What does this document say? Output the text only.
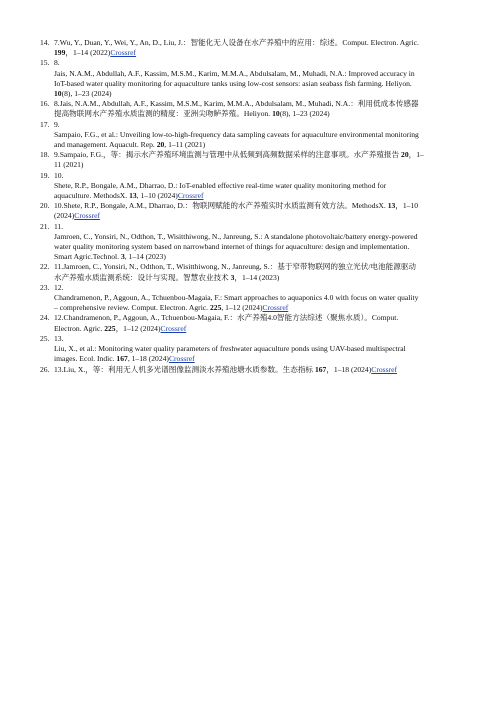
14. 7.Wu, Y., Duan, Y., Wei, Y., An, D., Liu, J.：智能化无人设备在水产养殖中的应用：综述。Comput. Electron. Agric.
199，1–14 (2022)Crossref
15. 8.
Jais, N.A.M., Abdullah, A.F., Kassim, M.S.M., Karim, M.M.A., Abdulsalam, M., Muhadi, N.A.: Improved accuracy in
IoT-based water quality monitoring for aquaculture tanks using low-cost sensors: asian seabass fish farming. Heliyon.
10(8), 1–23 (2024)
16. 8.Jais, N.A.M., Abdullah, A.F., Kassim, M.S.M., Karim, M.M.A., Abdulsalam, M., Muhadi, N.A.：利用低成本传感器
提高物联网水产养殖水质监测的精度：亚洲尖吻鲈养殖。Heliyon. 10(8), 1–23 (2024)
17. 9.
Sampaio, F.G., et al.: Unveiling low-to-high-frequency data sampling caveats for aquaculture environmental monitoring
and management. Aquacult. Rep. 20, 1–11 (2021)
18. 9.Sampaio, F.G.，等：揭示水产养殖环境监测与管理中从低频到高频数据采样的注意事项。水产养殖报告 20，1–
11 (2021)
19. 10.
Shete, R.P., Bongale, A.M., Dharrao, D.: IoT-enabled effective real-time water quality monitoring method for
aquaculture. MethodsX. 13, 1–10 (2024)Crossref
20. 10.Shete, R.P., Bongale, A.M., Dharrao, D.：物联网赋能的水产养殖实时水质监测有效方法。MethodsX. 13，1–10
(2024)Crossref
21. 11.
Jamroen, C., Yonsiri, N., Odthon, T., Wisitthiwong, N., Janreung, S.: A standalone photovoltaic/battery energy-powered
water quality monitoring system based on narrowband internet of things for aquaculture: design and implementation.
Smart Agric.Technol. 3, 1–14 (2023)
22. 11.Jamroen, C., Yonsiri, N., Odthon, T., Wisitthiwong, N., Janreung, S.：基于窄带物联网的独立光伏/电池能源驱动
水产养殖水质监测系统：设计与实现。智慧农业技术 3，1–14 (2023)
23. 12.
Chandramenon, P., Aggoun, A., Tchuenbou-Magaia, F.: Smart approaches to aquaponics 4.0 with focus on water quality
– comprehensive review. Comput. Electron. Agric. 225, 1–12 (2024)Crossref
24. 12.Chandramenon, P., Aggoun, A., Tchuenbou-Magaia, F.：水产养殖4.0智能方法综述（聚焦水质）。Comput.
Electron. Agric. 225，1–12 (2024)Crossref
25. 13.
Liu, X., et al.: Monitoring water quality parameters of freshwater aquaculture ponds using UAV-based multispectral
images. Ecol. Indic. 167, 1–18 (2024)Crossref
26. 13.Liu, X.，等：利用无人机多光谱图像监测淡水养殖池塘水质参数。生态指标 167，1–18 (2024)Crossref
